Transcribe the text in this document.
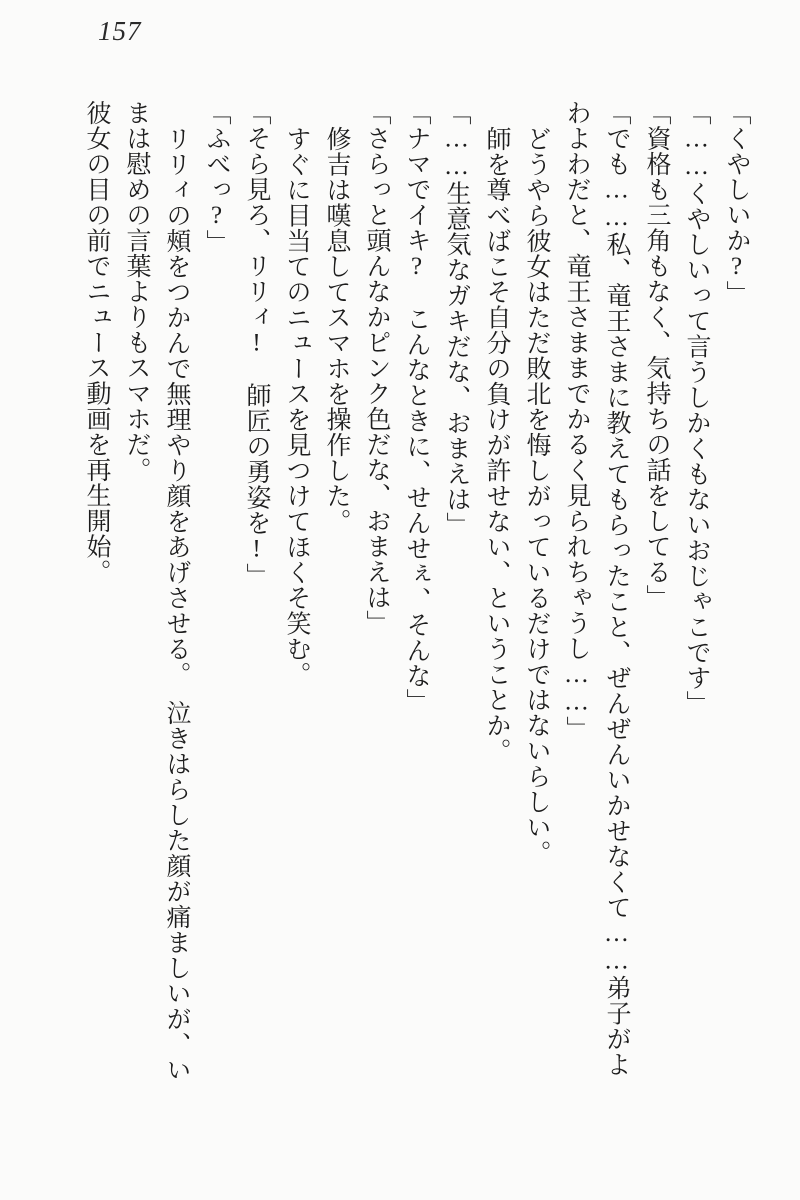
157

「くやしいか?」

「……くやしいって言うしかくもないおじゃこです」

「資格も三角もなく、気持ちの話をしてる」

「でも……私、竜王さまに教えてもらったこと、ぜんぜんいかせなくて……弟子がよ

わよわだと、竜王さままでかるく見られちゃうし……」

どうやら彼女はただ敗北を悔しがっているだけではないらしい。

師を尊べばこそ自分の負けが許せない、ということか。

「……生意気なガキだな、おまえは」

「ナマでイキ?　こんなときに、せんせぇ、そんな」

「さらっと頭んなかピンク色だな、おまえは」

修吉は嘆息してスマホを操作した。

すぐに目当てのニュースを見つけてほくそ笑む。

「そら見ろ、リリィ!　師匠の勇姿を!」

「ふべっ?」

リリィの頰をつかんで無理やり顔をあげさせる。　泣きはらした顔が痛ましいが、い

まは慰めの言葉よりもスマホだ。

彼女の目の前でニュース動画を再生開始。
